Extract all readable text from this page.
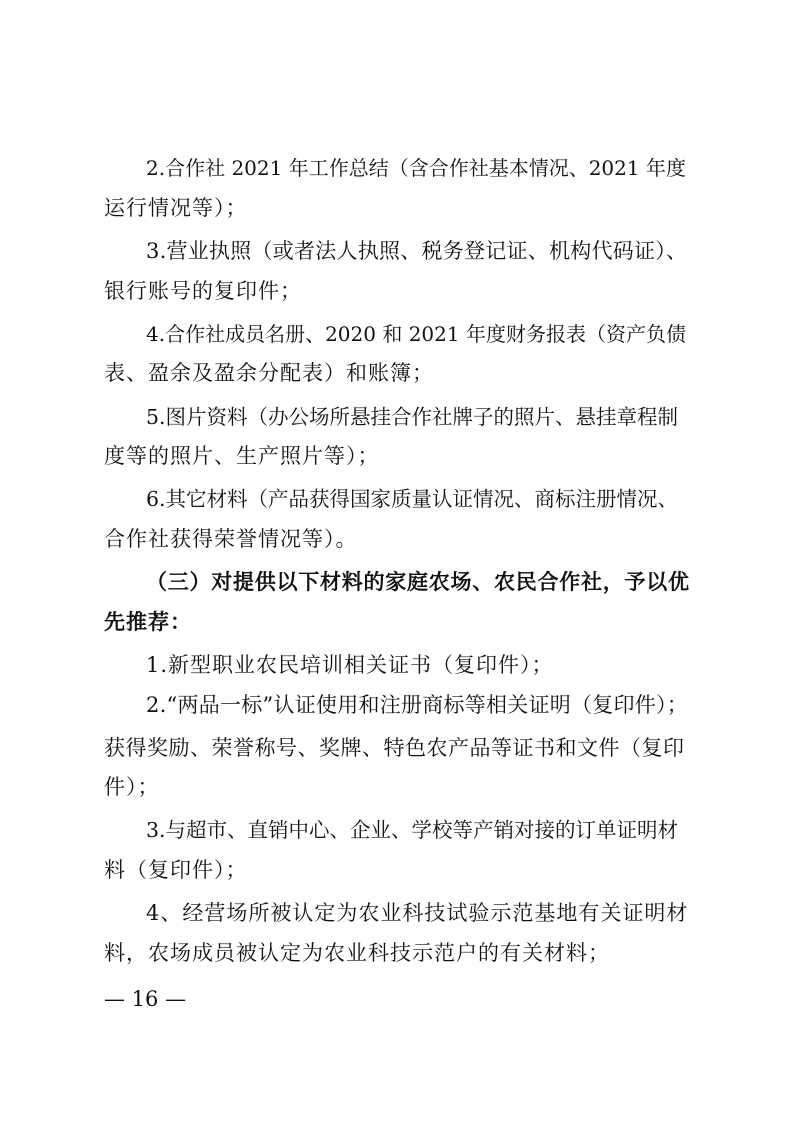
2.合作社 2021 年工作总结（含合作社基本情况、2021 年度
运行情况等）；
3.营业执照（或者法人执照、税务登记证、机构代码证）、
银行账号的复印件；
4.合作社成员名册、2020 和 2021 年度财务报表（资产负债
表、盈余及盈余分配表）和账簿；
5.图片资料（办公场所悬挂合作社牌子的照片、悬挂章程制
度等的照片、生产照片等）；
6.其它材料（产品获得国家质量认证情况、商标注册情况、
合作社获得荣誉情况等）。
（三）对提供以下材料的家庭农场、农民合作社，予以优
先推荐：
1.新型职业农民培训相关证书（复印件）；
2.“两品一标”认证使用和注册商标等相关证明（复印件）；
获得奖励、荣誉称号、奖牌、特色农产品等证书和文件（复印
件）；
3.与超市、直销中心、企业、学校等产销对接的订单证明材
料（复印件）；
4、经营场所被认定为农业科技试验示范基地有关证明材
料，农场成员被认定为农业科技示范户的有关材料；
— 16 —
